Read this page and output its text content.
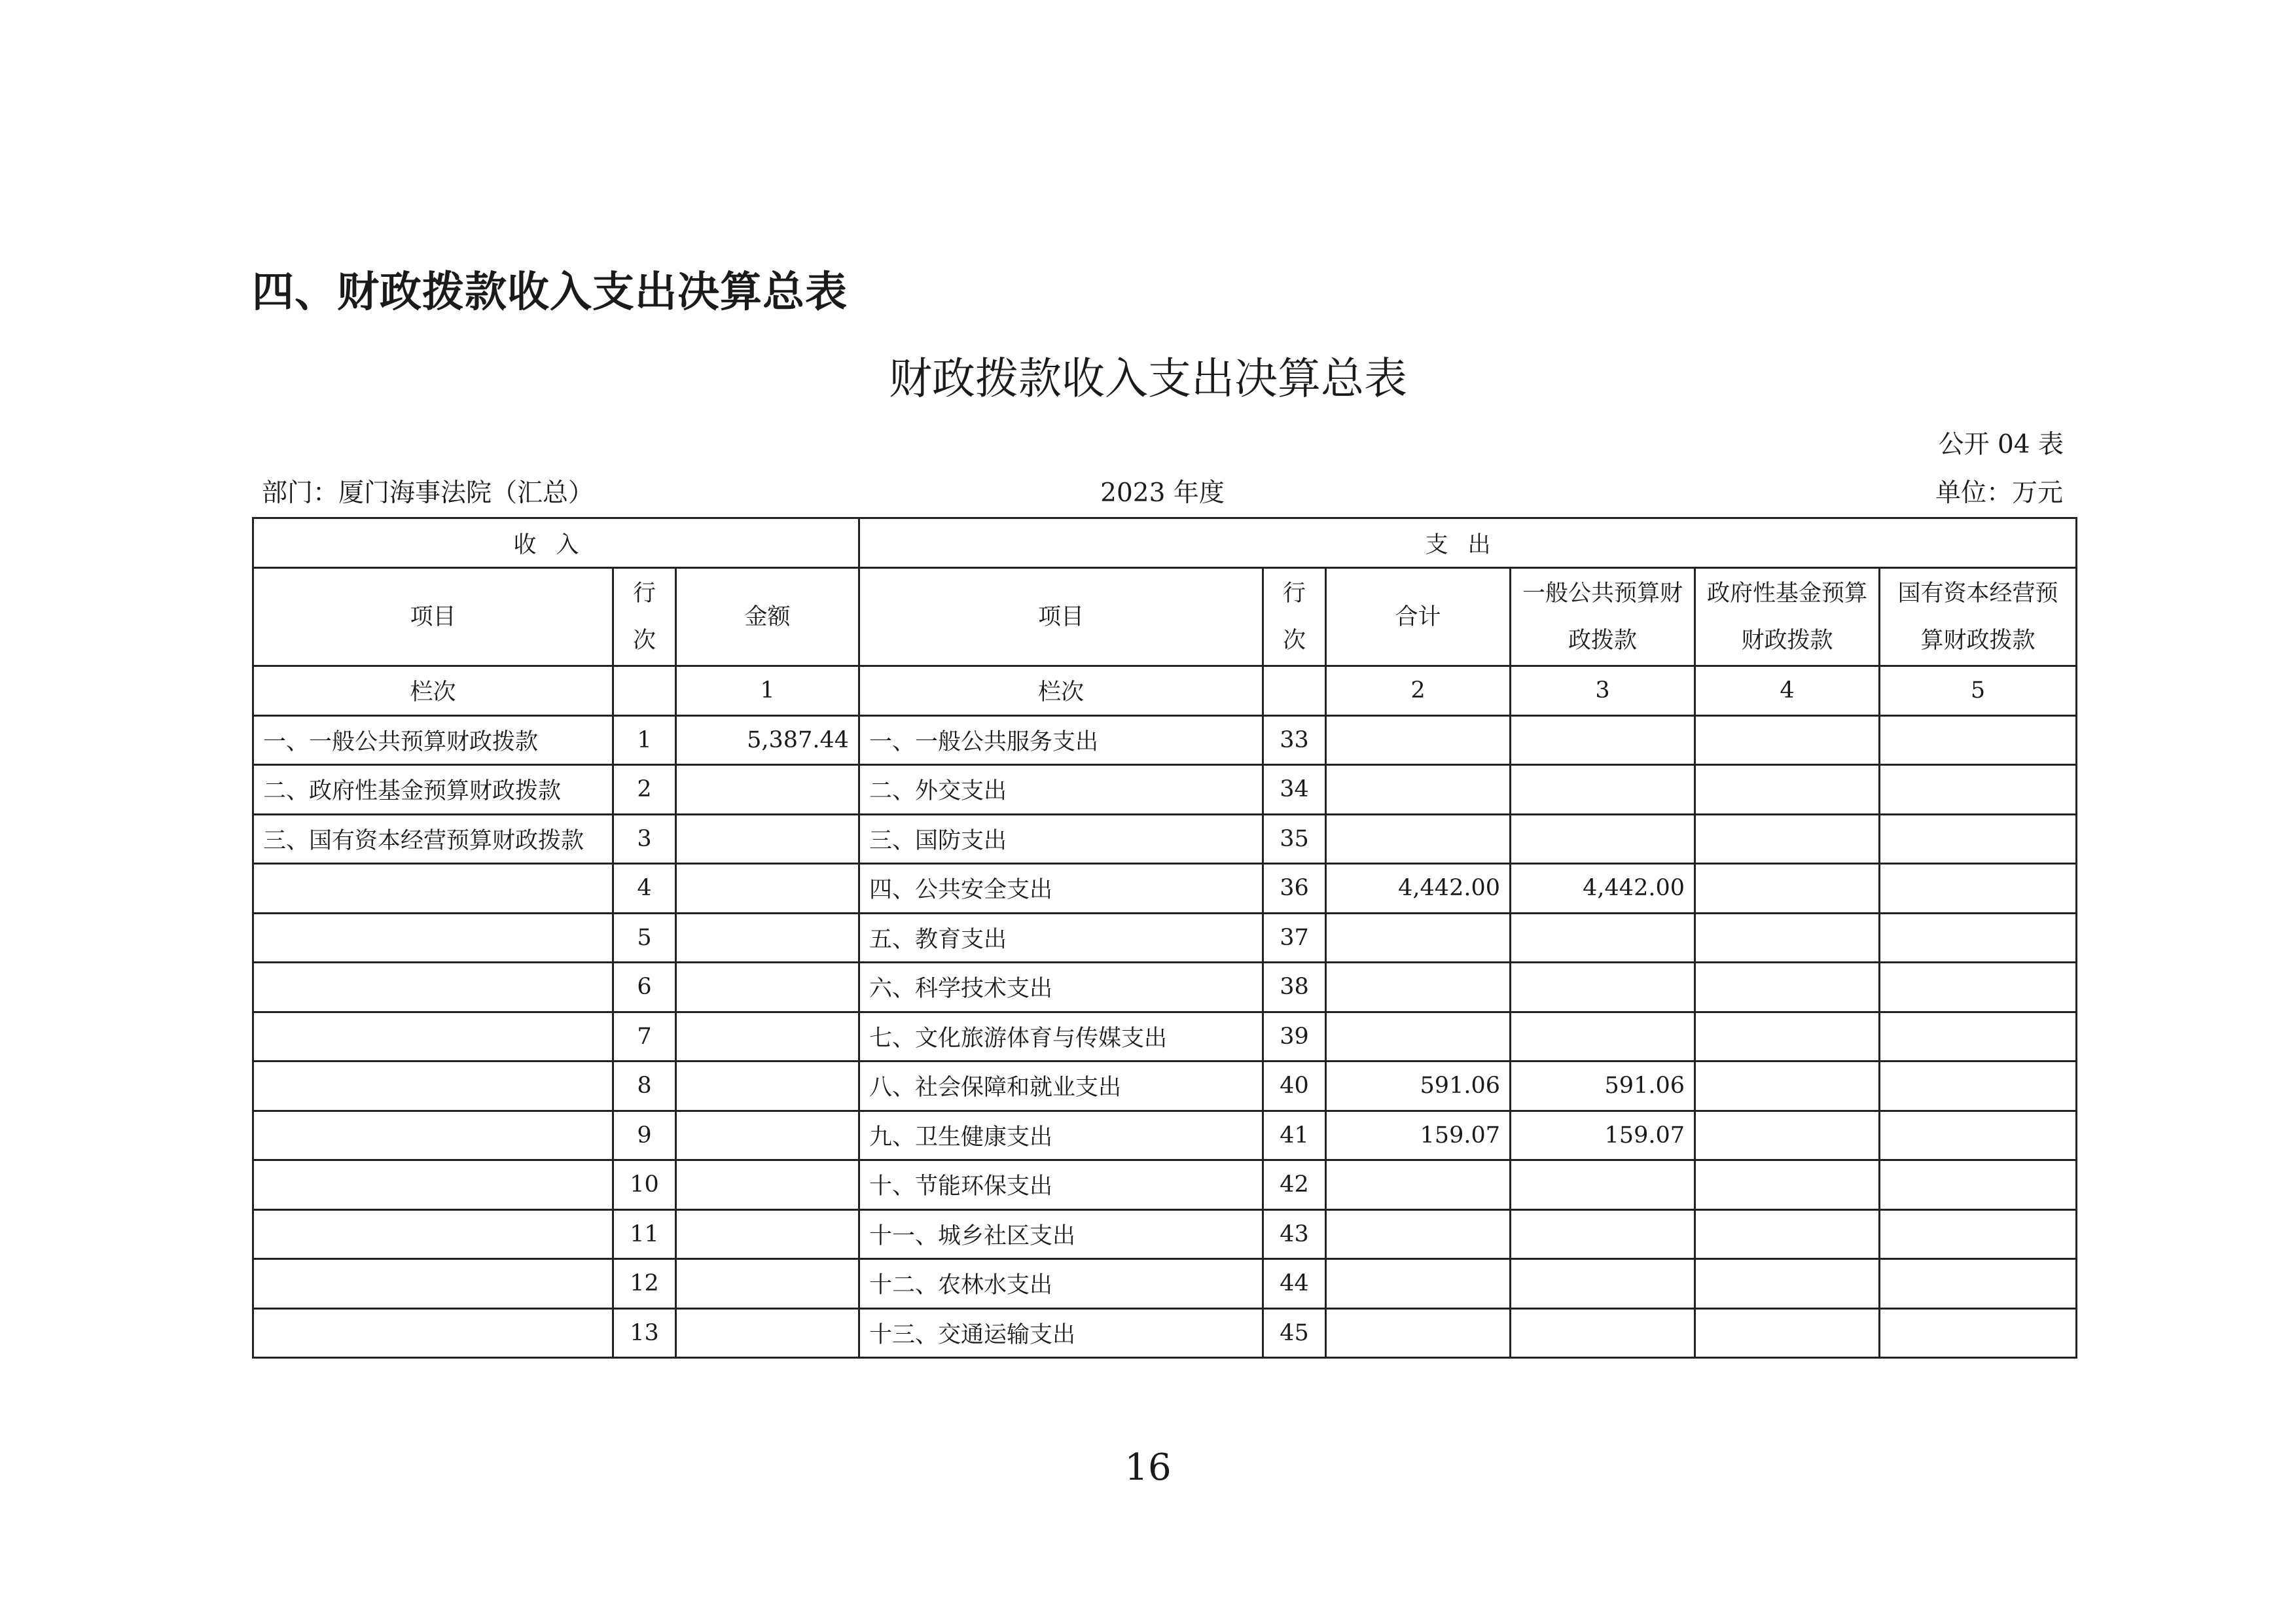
四、财政拨款收入支出决算总表
财政拨款收入支出决算总表
公开 04 表
部门：厦门海事法院（汇总）	2023 年度	单位：万元
收入			支出					
项目	行次	金额	项目	行次	合计	一般公共预算财政拨款	政府性基金预算财政拨款	国有资本经营预算财政拨款
栏次		1	栏次		2	3	4	5
一、一般公共预算财政拨款	1	5,387.44	一、一般公共服务支出	33				
二、政府性基金预算财政拨款	2		二、外交支出	34				
三、国有资本经营预算财政拨款	3		三、国防支出	35				
	4		四、公共安全支出	36	4,442.00	4,442.00		
	5		五、教育支出	37				
	6		六、科学技术支出	38				
	7		七、文化旅游体育与传媒支出	39				
	8		八、社会保障和就业支出	40	591.06	591.06		
	9		九、卫生健康支出	41	159.07	159.07		
	10		十、节能环保支出	42				
	11		十一、城乡社区支出	43				
	12		十二、农林水支出	44				
	13		十三、交通运输支出	45				
16
